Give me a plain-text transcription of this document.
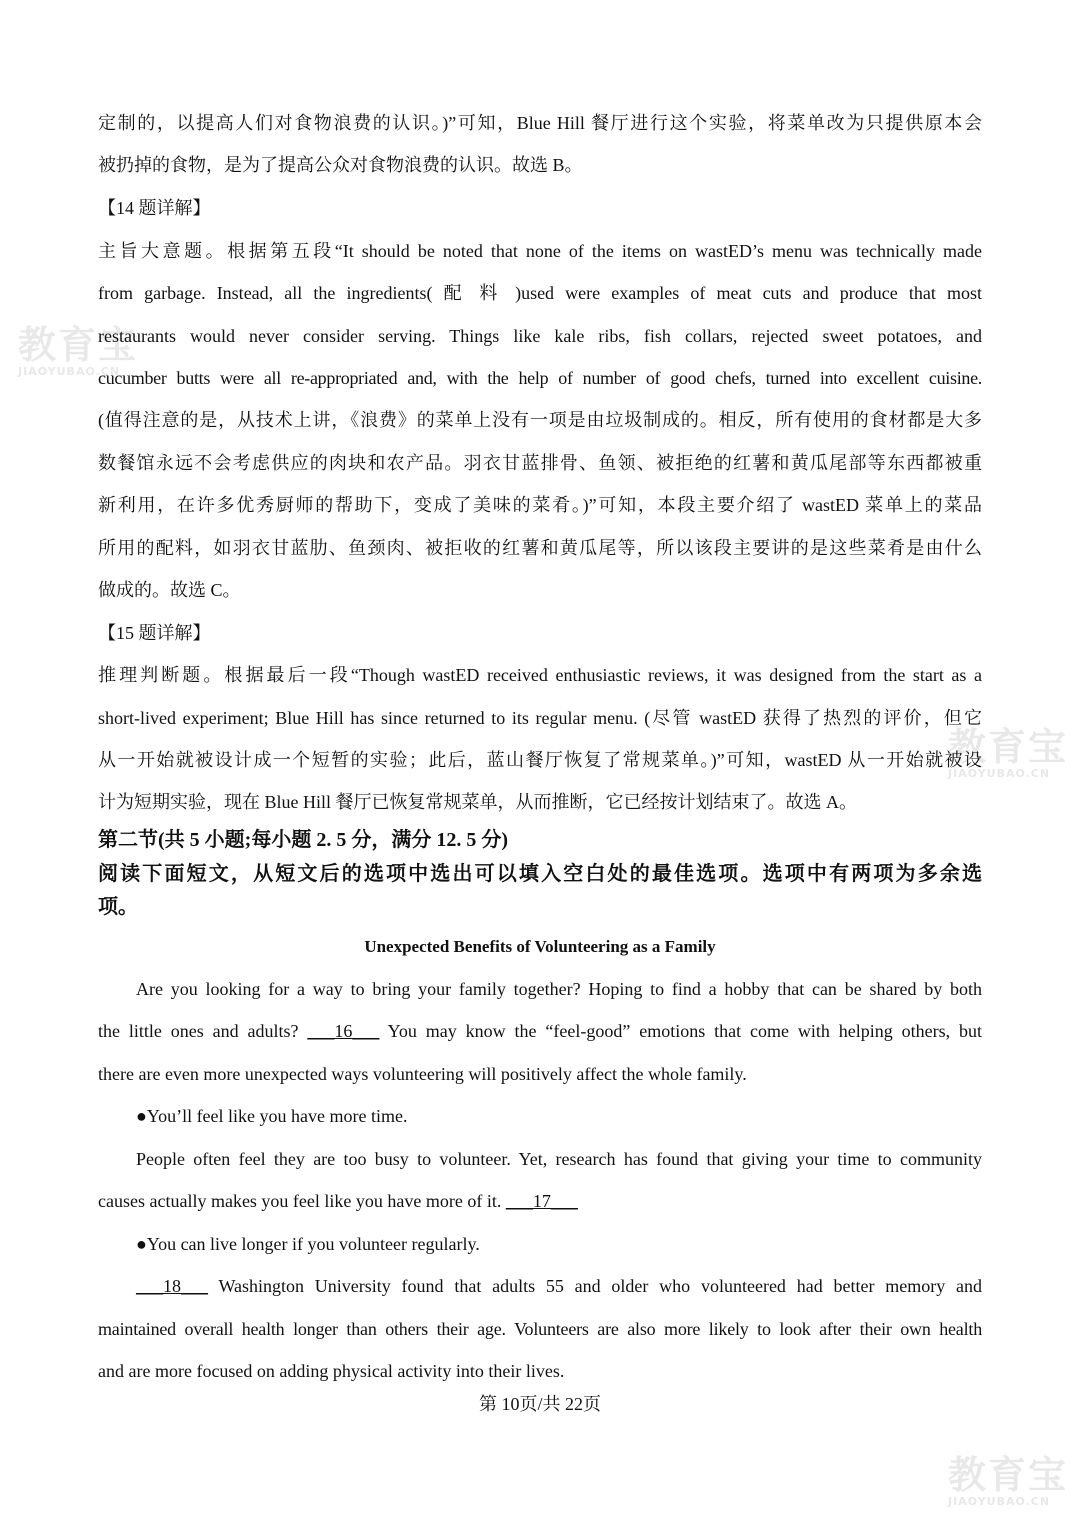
教育宝
JIAOYUBAO.CN
教育宝
JIAOYUBAO.CN
教育宝
JIAOYUBAO.CN
定制的，以提高人们对食物浪费的认识。)”可知，Blue Hill 餐厅进行这个实验，将菜单改为只提供原本会
被扔掉的食物，是为了提高公众对食物浪费的认识。故选 B。
【14 题详解】
主旨大意题。根据第五段“It should be noted that none of the items on wastED’s menu was technically made
from garbage. Instead, all the ingredients( 配 料 )used were examples of meat cuts and produce that most
restaurants would never consider serving. Things like kale ribs, fish collars, rejected sweet potatoes, and
cucumber butts were all re-appropriated and, with the help of number of good chefs, turned into excellent cuisine.
(值得注意的是，从技术上讲，《浪费》的菜单上没有一项是由垃圾制成的。相反，所有使用的食材都是大多
数餐馆永远不会考虑供应的肉块和农产品。羽衣甘蓝排骨、鱼领、被拒绝的红薯和黄瓜尾部等东西都被重
新利用，在许多优秀厨师的帮助下，变成了美味的菜肴。)”可知，本段主要介绍了 wastED 菜单上的菜品
所用的配料，如羽衣甘蓝肋、鱼颈肉、被拒收的红薯和黄瓜尾等，所以该段主要讲的是这些菜肴是由什么
做成的。故选 C。
【15 题详解】
推理判断题。根据最后一段“Though wastED received enthusiastic reviews, it was designed from the start as a
short-lived experiment; Blue Hill has since returned to its regular menu. (尽管 wastED 获得了热烈的评价，但它
从一开始就被设计成一个短暂的实验；此后，蓝山餐厅恢复了常规菜单。)”可知，wastED 从一开始就被设
计为短期实验，现在 Blue Hill 餐厅已恢复常规菜单，从而推断，它已经按计划结束了。故选 A。
第二节(共 5 小题;每小题 2. 5 分，满分 12. 5 分)
阅读下面短文，从短文后的选项中选出可以填入空白处的最佳选项。选项中有两项为多余选
项。
Unexpected Benefits of Volunteering as a Family
Are you looking for a way to bring your family together? Hoping to find a hobby that can be shared by both
the little ones and adults? ___16___ You may know the “feel-good” emotions that come with helping others, but
there are even more unexpected ways volunteering will positively affect the whole family.
●You’ll feel like you have more time.
People often feel they are too busy to volunteer. Yet, research has found that giving your time to community
causes actually makes you feel like you have more of it. ___17___
●You can live longer if you volunteer regularly.
___18___ Washington University found that adults 55 and older who volunteered had better memory and
maintained overall health longer than others their age. Volunteers are also more likely to look after their own health
and are more focused on adding physical activity into their lives.
第 10页/共 22页
